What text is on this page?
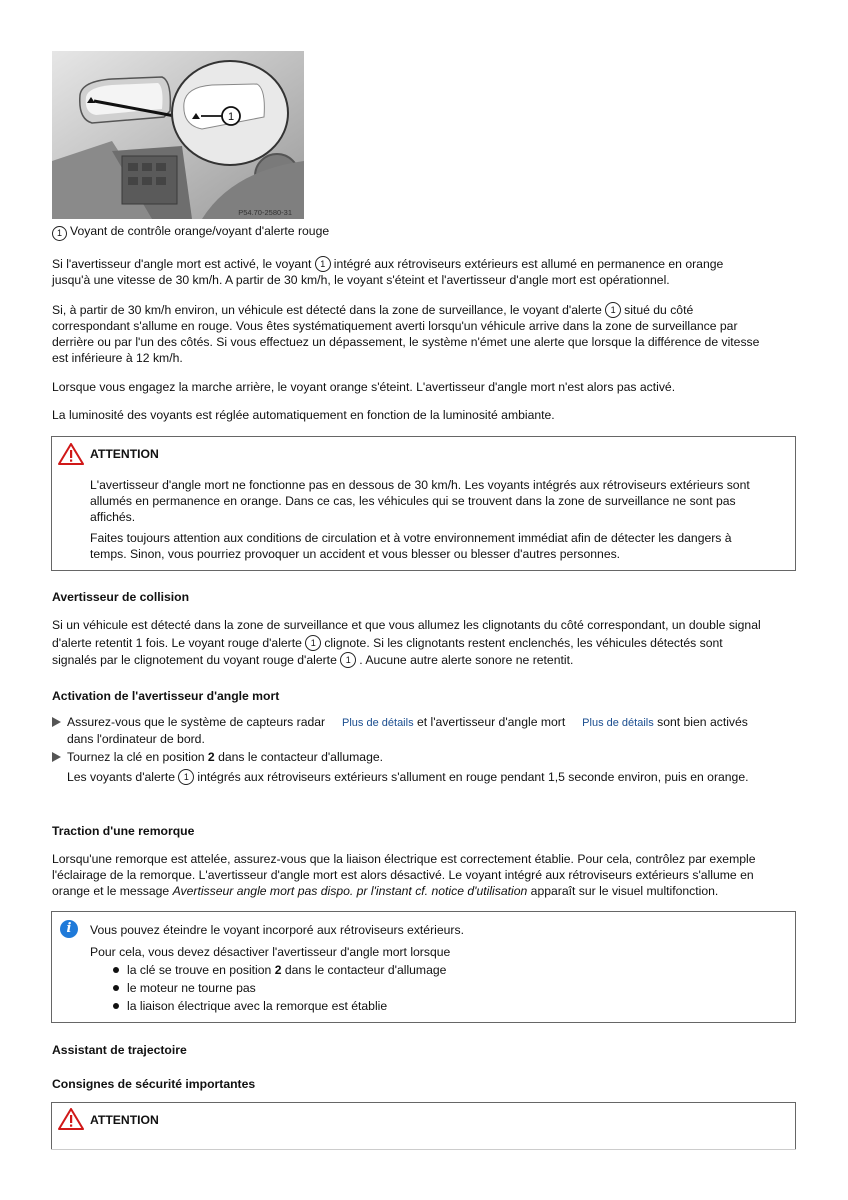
1
P54.70-2580-31
1 Voyant de contrôle orange/voyant d'alerte rouge

Si l'avertisseur d'angle mort est activé, le voyant 1 intégré aux rétroviseurs extérieurs est allumé en permanence en orange

jusqu'à une vitesse de 30 km/h. A partir de 30 km/h, le voyant s'éteint et l'avertisseur d'angle mort est opérationnel.

Si, à partir de 30 km/h environ, un véhicule est détecté dans la zone de surveillance, le voyant d'alerte 1 situé du côté

correspondant s'allume en rouge. Vous êtes systématiquement averti lorsqu'un véhicule arrive dans la zone de surveillance par

derrière ou par l'un des côtés. Si vous effectuez un dépassement, le système n'émet une alerte que lorsque la différence de vitesse

est inférieure à 12 km/h.

Lorsque vous engagez la marche arrière, le voyant orange s'éteint. L'avertisseur d'angle mort n'est alors pas activé.
La luminosité des voyants est réglée automatiquement en fonction de la luminosité ambiante.
ATTENTION

L'avertisseur d'angle mort ne fonctionne pas en dessous de 30 km/h. Les voyants intégrés aux rétroviseurs extérieurs sont

allumés en permanence en orange. Dans ce cas, les véhicules qui se trouvent dans la zone de surveillance ne sont pas

affichés.

Faites toujours attention aux conditions de circulation et à votre environnement immédiat afin de détecter les dangers à

temps. Sinon, vous pourriez provoquer un accident et vous blesser ou blesser d'autres personnes.

Avertisseur de collision

Si un véhicule est détecté dans la zone de surveillance et que vous allumez les clignotants du côté correspondant, un double signal

d'alerte retentit 1 fois. Le voyant rouge d'alerte 1 clignote. Si les clignotants restent enclenchés, les véhicules détectés sont

signalés par le clignotement du voyant rouge d'alerte 1 . Aucune autre alerte sonore ne retentit.

Activation de l'avertisseur d'angle mort

Assurez-vous que le système de capteurs radar Plus de détails et l'avertisseur d'angle mort Plus de détails sont bien activés

dans l'ordinateur de bord.

Tournez la clé en position 2 dans le contacteur d'allumage.

Les voyants d'alerte 1 intégrés aux rétroviseurs extérieurs s'allument en rouge pendant 1,5 seconde environ, puis en orange.

Traction d'une remorque

Lorsqu'une remorque est attelée, assurez-vous que la liaison électrique est correctement établie. Pour cela, contrôlez par exemple

l'éclairage de la remorque. L'avertisseur d'angle mort est alors désactivé. Le voyant intégré aux rétroviseurs extérieurs s'allume en

orange et le message Avertisseur angle mort pas dispo. pr l'instant cf. notice d'utilisation apparaît sur le visuel multifonction.

i	Vous pouvez éteindre le voyant incorporé aux rétroviseurs extérieurs.

Pour cela, vous devez désactiver l'avertisseur d'angle mort lorsque

la clé se trouve en position 2 dans le contacteur d'allumage

le moteur ne tourne pas

la liaison électrique avec la remorque est établie

Assistant de trajectoire
Consignes de sécurité importantes
ATTENTION
